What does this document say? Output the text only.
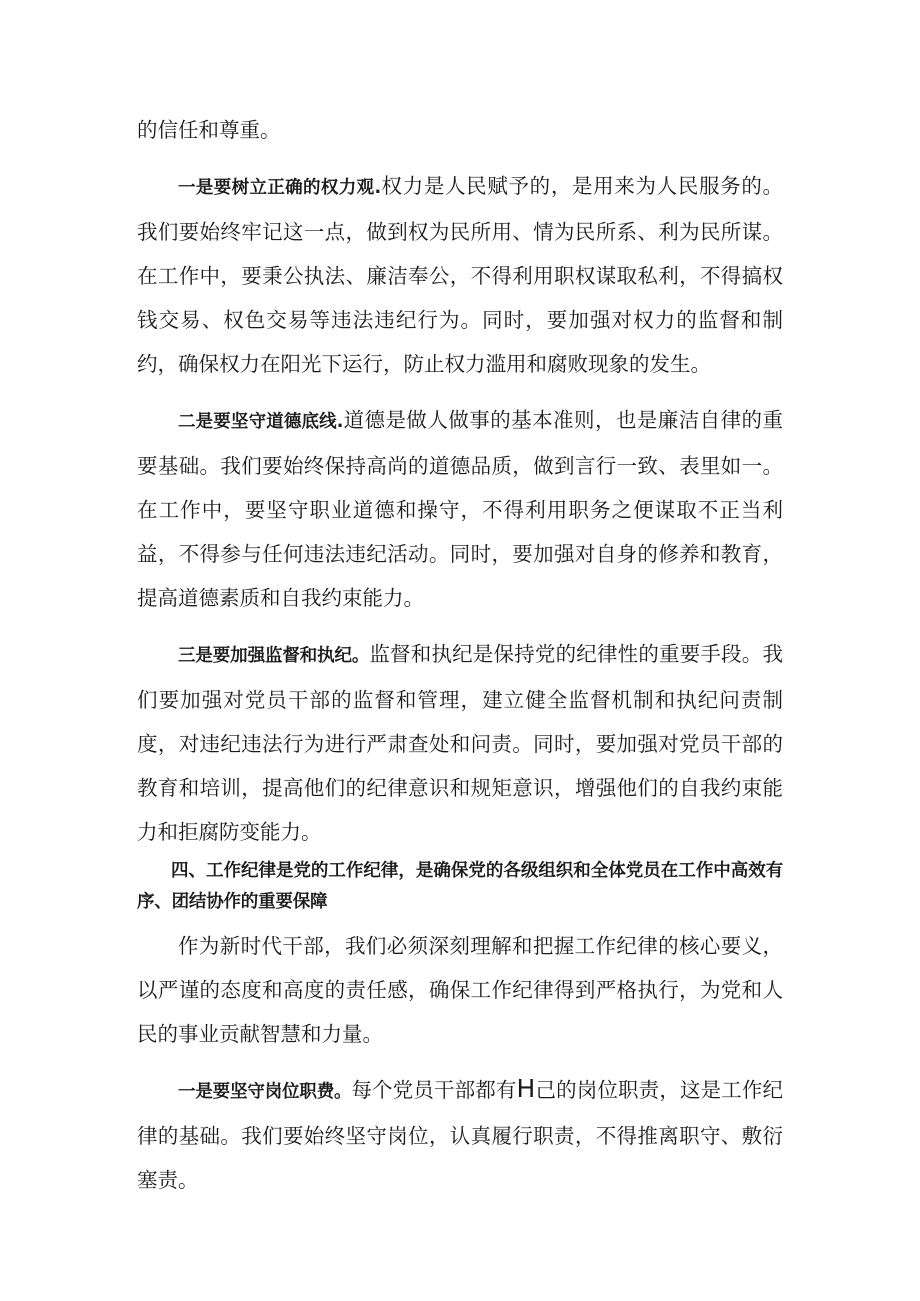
的信任和尊重。

一是要树立正确的权力观.权力是人民赋予的，是用来为人民服务的。我们要始终牢记这一点，做到权为民所用、情为民所系、利为民所谋。在工作中，要秉公执法、廉洁奉公，不得利用职权谋取私利，不得搞权钱交易、权色交易等违法违纪行为。同时，要加强对权力的监督和制约，确保权力在阳光下运行，防止权力滥用和腐败现象的发生。

二是要坚守道德底线.道德是做人做事的基本准则，也是廉洁自律的重要基础。我们要始终保持高尚的道德品质，做到言行一致、表里如一。在工作中，要坚守职业道德和操守，不得利用职务之便谋取不正当利益，不得参与任何违法违纪活动。同时，要加强对自身的修养和教育，提高道德素质和自我约束能力。

三是要加强监督和执纪。监督和执纪是保持党的纪律性的重要手段。我们要加强对党员干部的监督和管理，建立健全监督机制和执纪问责制度，对违纪违法行为进行严肃查处和问责。同时，要加强对党员干部的教育和培训，提高他们的纪律意识和规矩意识，增强他们的自我约束能力和拒腐防变能力。

四、工作纪律是党的工作纪律，是确保党的各级组织和全体党员在工作中高效有序、团结协作的重要保障

作为新时代干部，我们必须深刻理解和把握工作纪律的核心要义，以严谨的态度和高度的责任感，确保工作纪律得到严格执行，为党和人民的事业贡献智慧和力量。

一是要坚守岗位职费。每个党员干部都有H己的岗位职责，这是工作纪律的基础。我们要始终坚守岗位，认真履行职责，不得推离职守、敷衍塞责。
